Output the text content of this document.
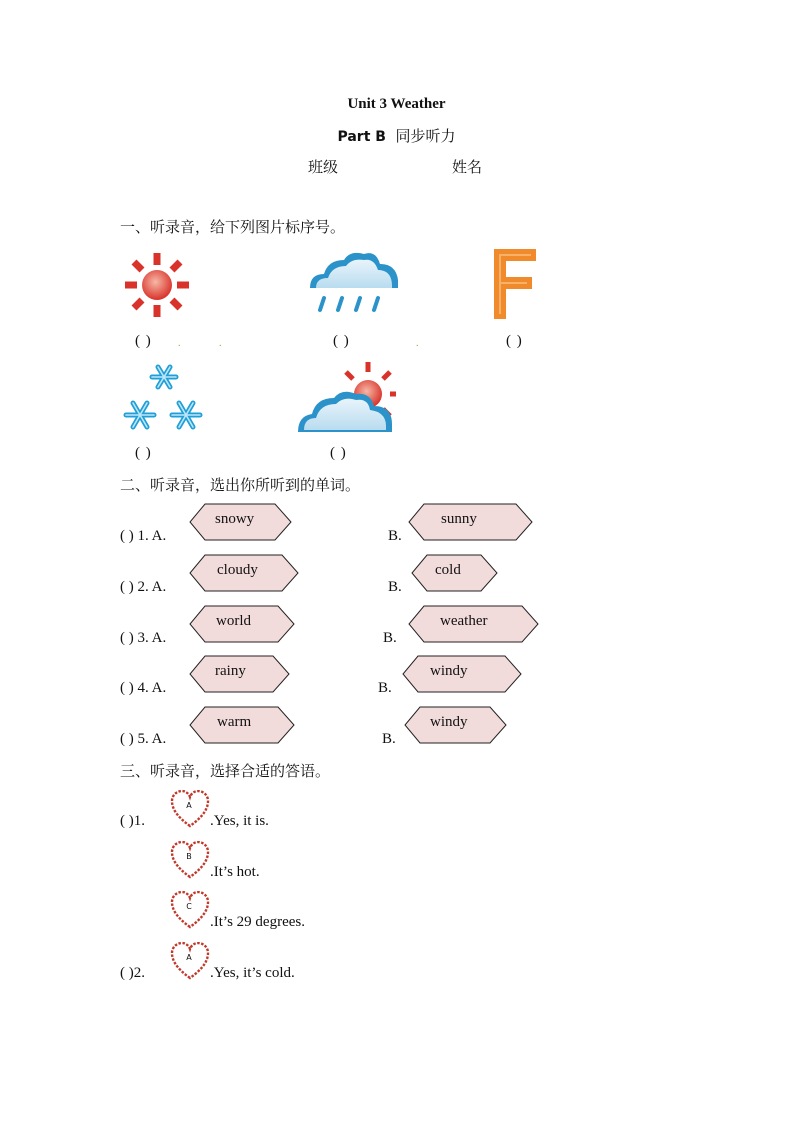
Unit 3 Weather
Part B 同步听力
班级	姓名
一、听录音，给下列图片标序号。
( )	.	.	( )	.	( )
( )	( )
二、听录音，选出你所听到的单词。
( ) 1. A.
snowy
B.
sunny
( ) 2. A.
cloudy
B.
cold
( ) 3. A.
world
B.
weather
( ) 4. A.
rainy
B.
windy
( ) 5. A.
warm
B.
windy
三、听录音，选择合适的答语。
( )1.
A
.Yes, it is.
B
.It’s hot.
C
.It’s 29 degrees.
( )2.
A
.Yes, it’s cold.
